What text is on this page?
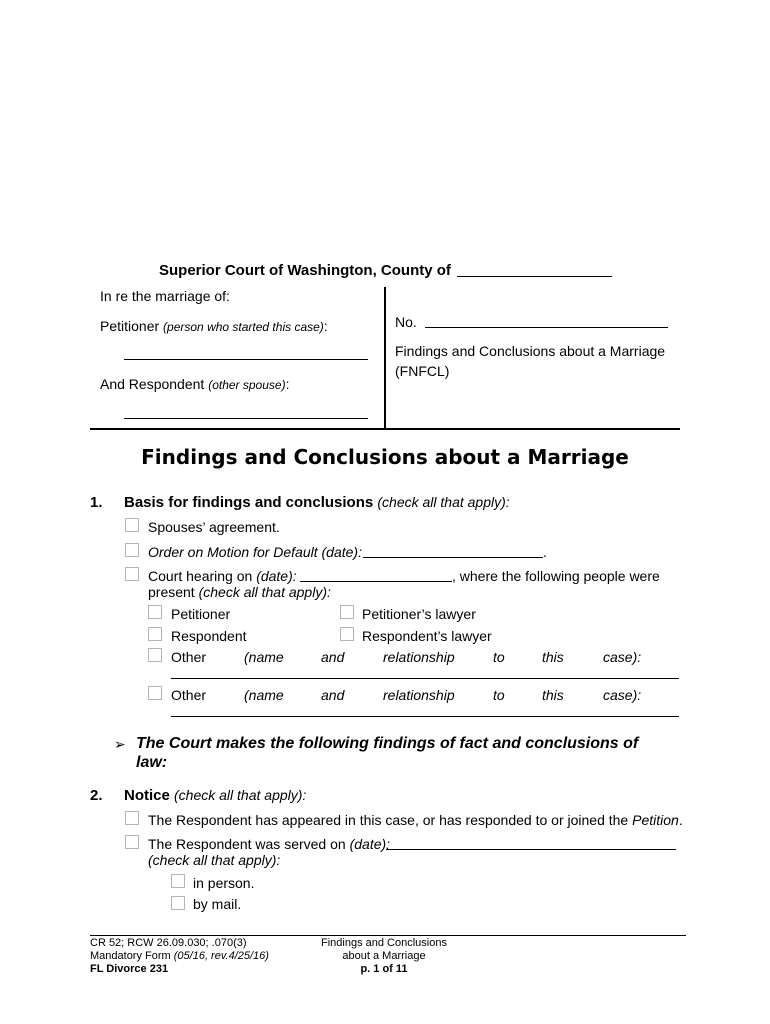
Superior Court of Washington, County of
In re the marriage of:
Petitioner (person who started this case):
And Respondent (other spouse):
No.
Findings and Conclusions about a Marriage
(FNFCL)
Findings and Conclusions about a Marriage
1. Basis for findings and conclusions (check all that apply):
Spouses’ agreement.
Order on Motion for Default (date):	.
Court hearing on (date):	, where the following people were
present (check all that apply):
Petitioner	Petitioner’s lawyer
Respondent	Respondent’s lawyer
Other	(name	and	relationship	to	this	case):
Other	(name	and	relationship	to	this	case):
➢ The Court makes the following findings of fact and conclusions of
law:
2. Notice (check all that apply):
The Respondent has appeared in this case, or has responded to or joined the Petition.
The Respondent was served on (date):
(check all that apply):
in person.
by mail.
CR 52; RCW 26.09.030; .070(3)
Mandatory Form (05/16, rev.4/25/16)
FL Divorce 231
Findings and Conclusions
about a Marriage
p. 1 of 11
